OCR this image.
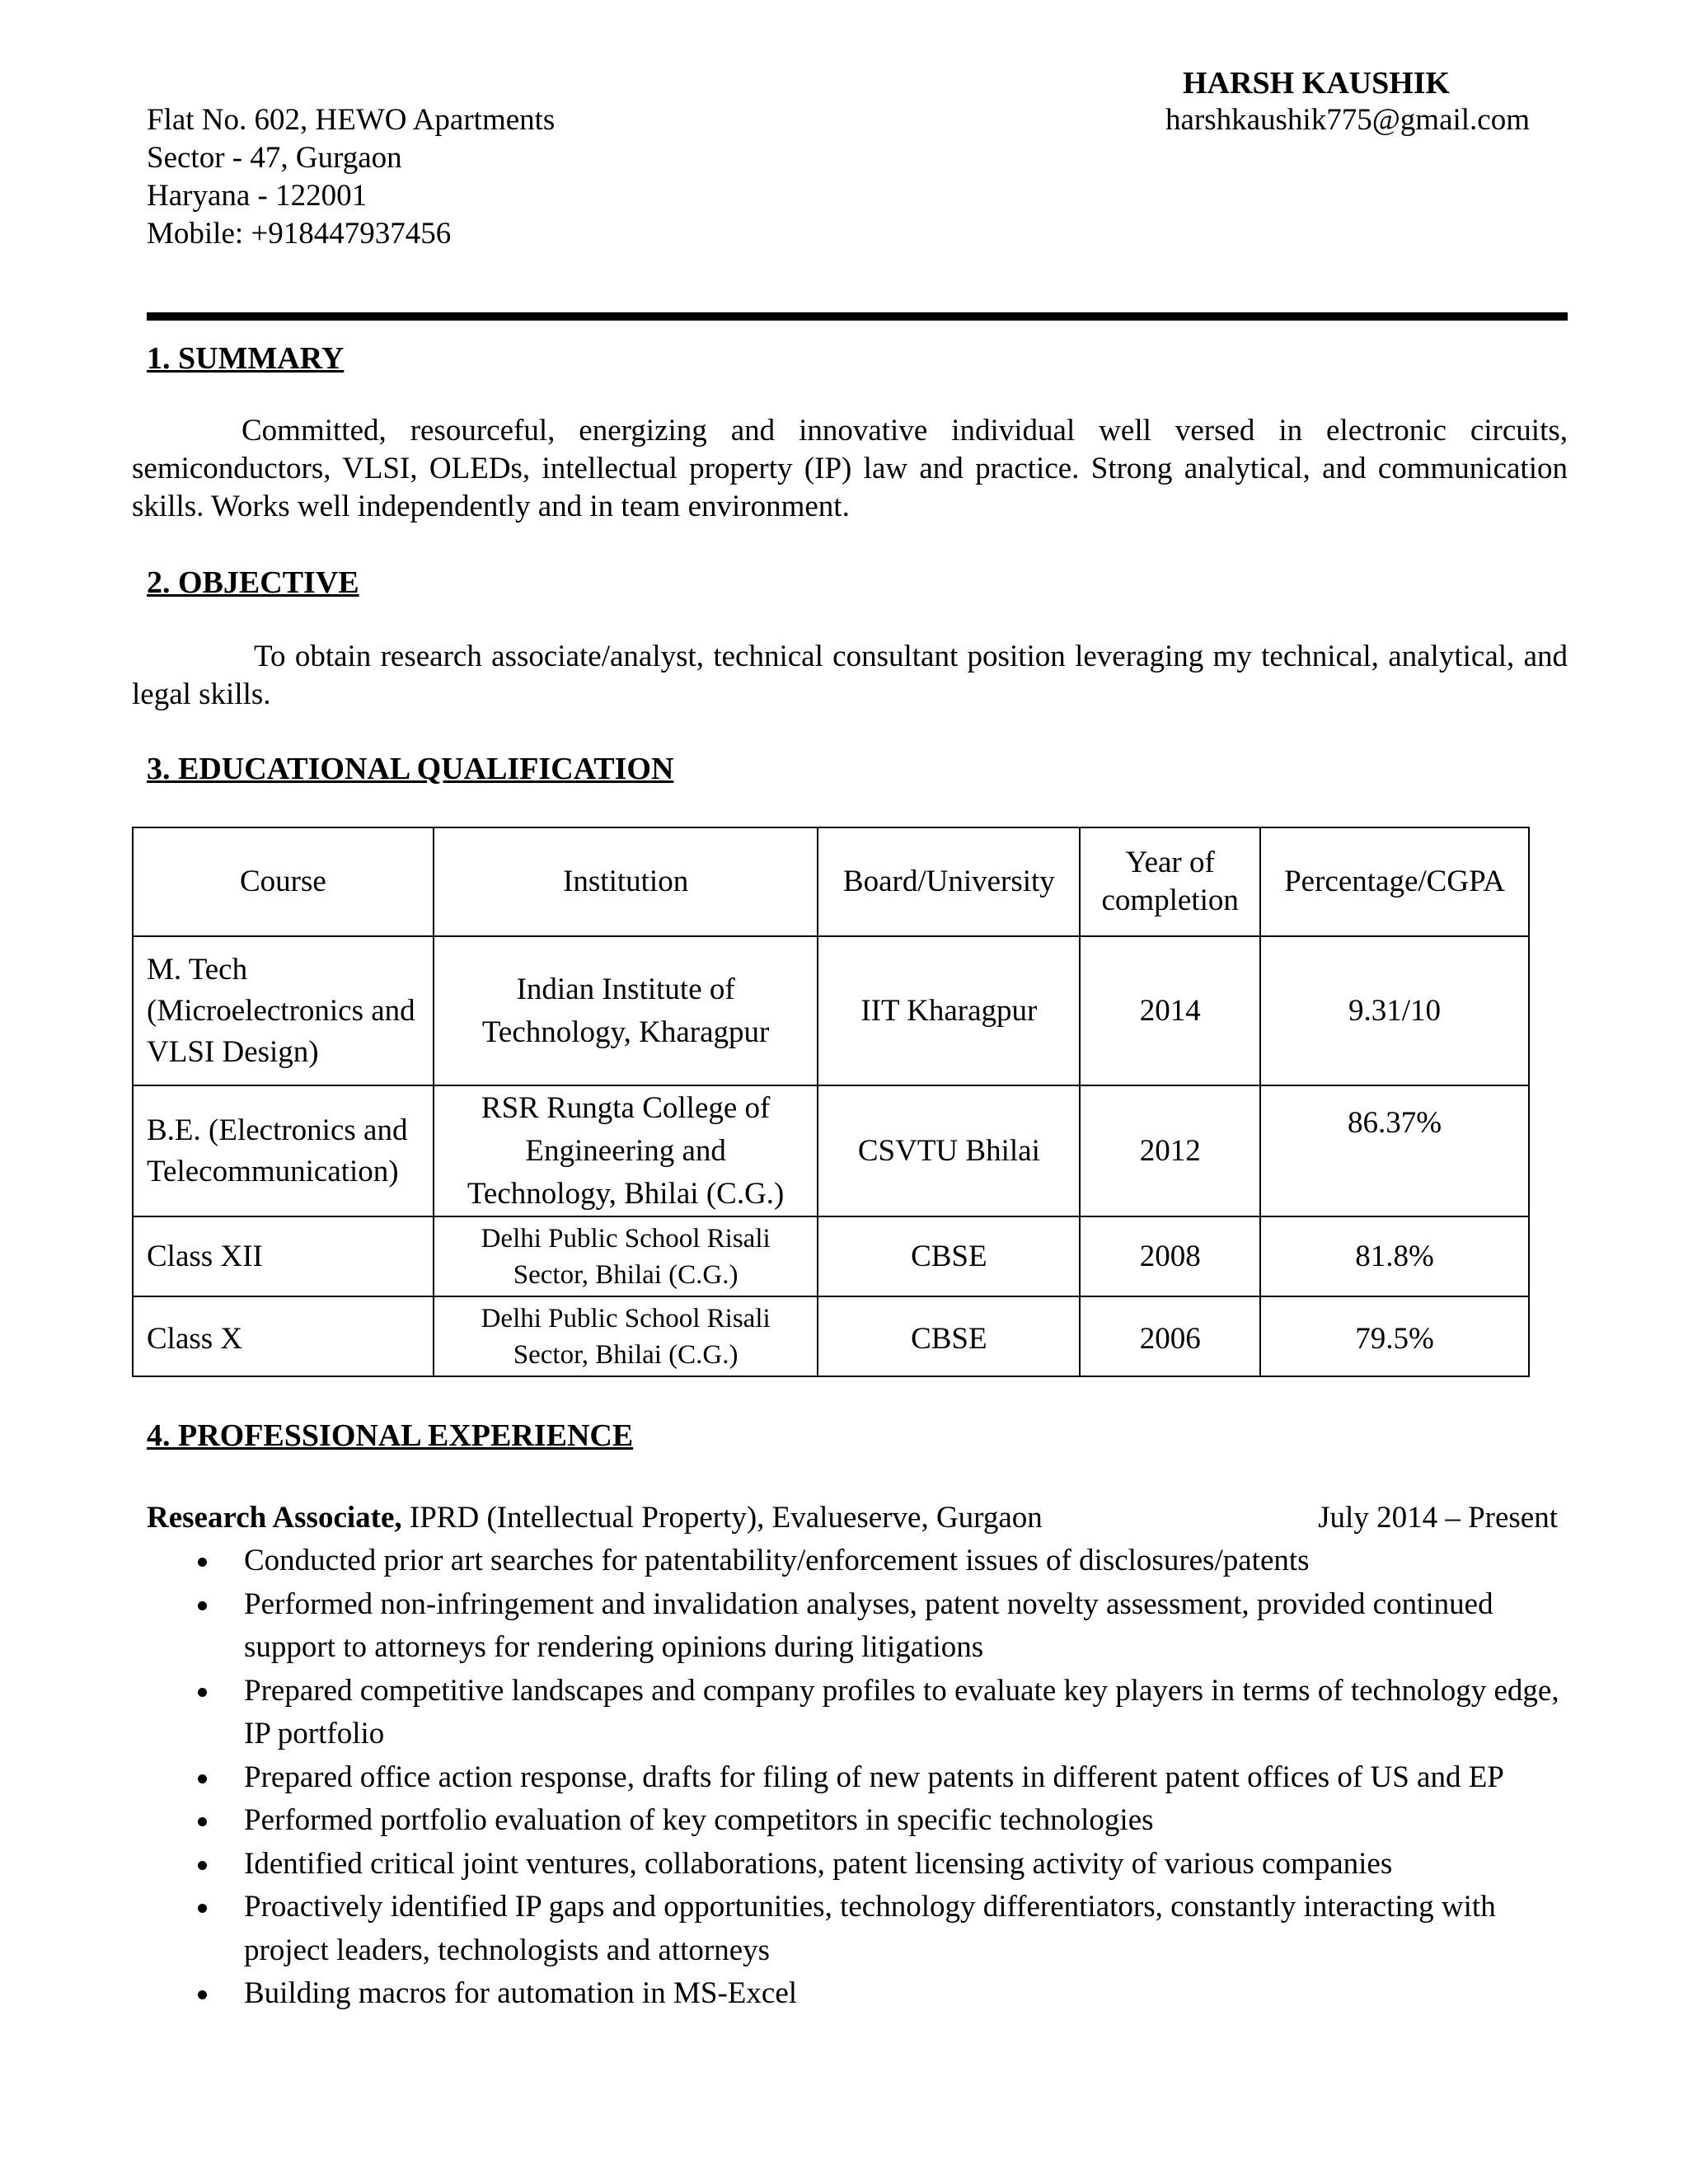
HARSH KAUSHIK
harshkaushik775@gmail.com
Flat No. 602, HEWO Apartments
Sector - 47, Gurgaon
Haryana - 122001
Mobile: +918447937456
1. SUMMARY
Committed, resourceful, energizing and innovative individual well versed in electronic circuits, semiconductors, VLSI, OLEDs, intellectual property (IP) law and practice. Strong analytical, and communication skills. Works well independently and in team environment.
2. OBJECTIVE
To obtain research associate/analyst, technical consultant position leveraging my technical, analytical, and legal skills.
3. EDUCATIONAL QUALIFICATION
Course	Institution	Board/University	Year of completion	Percentage/CGPA
M. Tech (Microelectronics and VLSI Design)	Indian Institute of Technology, Kharagpur	IIT Kharagpur	2014	9.31/10
B.E. (Electronics and Telecommunication)	RSR Rungta College of Engineering and Technology, Bhilai (C.G.)	CSVTU Bhilai	2012	86.37%
Class XII	Delhi Public School Risali Sector, Bhilai (C.G.)	CBSE	2008	81.8%
Class X	Delhi Public School Risali Sector, Bhilai (C.G.)	CBSE	2006	79.5%
4. PROFESSIONAL EXPERIENCE
Research Associate, IPRD (Intellectual Property), Evalueserve, Gurgaon	July 2014 – Present
Conducted prior art searches for patentability/enforcement issues of disclosures/patents
Performed non-infringement and invalidation analyses, patent novelty assessment, provided continued support to attorneys for rendering opinions during litigations
Prepared competitive landscapes and company profiles to evaluate key players in terms of technology edge, IP portfolio
Prepared office action response, drafts for filing of new patents in different patent offices of US and EP
Performed portfolio evaluation of key competitors in specific technologies
Identified critical joint ventures, collaborations, patent licensing activity of various companies
Proactively identified IP gaps and opportunities, technology differentiators, constantly interacting with project leaders, technologists and attorneys
Building macros for automation in MS-Excel
